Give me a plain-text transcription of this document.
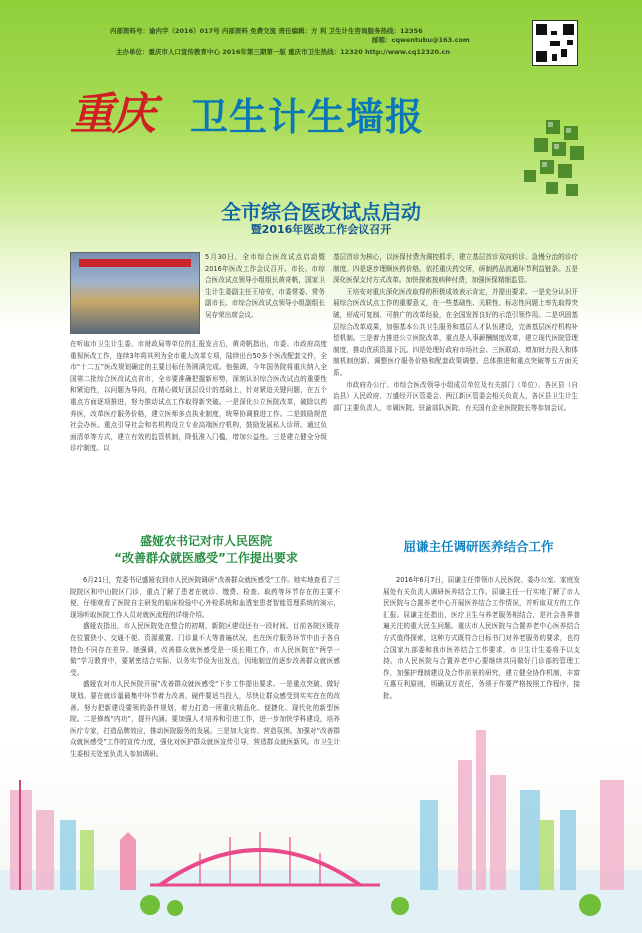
内部资料号：渝内字（2016）017号 内部资料 免费交流 责任编辑：方 利 卫生计生咨询服务热线：12356
邮箱：cqwentubu@163.com
主办单位：重庆市人口宣传教育中心 2016年第三期第一版 重庆市卫生热线：12320 http://www.cq12320.cn
重庆 卫生计生墙报
全市综合医改试点启动
暨2016年医改工作会议召开
5月30日，全市综合医改试点启动暨2016年医改工作会议召开。市长、市综合医改试点领导小组组长黄奇帆，国家卫生计生委副主任王培安，市委常委、常务副市长、市综合医改试点领导小组副组长吴存荣出席会议。
在听取市卫生计生委、市财政局等单位的汇报发言后，黄奇帆指出，市委、市政府高度重视医改工作，连续3年将其列为全市重大改革专项，陆续出台50多个医改配套文件，全市“十二五”医改规划确定的主要目标任务圆满完成。他强调，今年国务院将重庆纳入全国第二批综合医改试点省市，全市要准确把握新形势，深刻认识综合医改试点的重要性和紧迫性，以问题为导向，在精心做好顶层设计的基础上，针对紧迫关键问题，在五个重点方面逐项推进，努力推动试点工作取得新突破。一是深化公立医院改革，破除以药养医，改革医疗服务价格，建立医师多点执业制度，统筹协调推进工作。二是鼓励规范社会办医。重点引导社会和名机构设立专业高端医疗机构，鼓励发展私人诊所。通过负面清单等方式，建立有效的监管机制，降低准入门槛，增加公益性。三是建立健全分级诊疗制度。以
基层首诊为核心，以医保付费为调控抓手，建立基层首诊双向转诊、急慢分治的诊疗制度。四是逐步理顺医药价格。依托重庆药交所，研制药品流通环节利益链条。五是深化医保支付方式改革。加快探索按病种付费，加强医保精细监管。
王培安对重庆深化医改取得的积极成效表示肯定，并提出要求。一是充分认识开展综合医改试点工作的重要意义，在一些基础性、关联性、标志性问题上率先取得突破，形成可复制、可推广的改革经验，在全国发挥良好的示范引领作用。二是巩固基层综合改革成果，加强基本公共卫生服务和基层人才队伍建设，完善基层医疗机构补偿机制。三是着力推进公立医院改革，重点是人事薪酬制度改革，建立现代医院管理制度，推动优质资源下沉。四是处理好政府市场社会、三医联动、增加财力投入和体制机制创新、调整医疗服务价格和配套政策调整、总体推进和重点突破等五方面关系。
市政府办公厅、市综合医改领导小组成员单位及有关部门（单位）、各区县（自治县）人民政府、万盛经开区管委会、两江新区管委会相关负责人，各区县卫生计生部门主要负责人，市属医院、驻渝部队医院、有关国有企业医院院长等参加会议。
盛娅农书记对市人民医院
“改善群众就医感受”工作提出要求
屈谦主任调研医养结合工作
6月21日，党委书记盛娅农到市人民医院调研“改善群众就医感受”工作。她实地查看了三院院区和中山院区门诊，重点了解了患者在就诊、缴费、检查、取药等环节存在的主要不便，仔细观看了医院自主研发的临床检验中心外检系统和血透室患者智能管理系统的演示，现场听取医院工作人员对就医流程的详细介绍。
盛娅农指出，市人民医院处在整合的初期，新院区建设还有一段时间。目前各院区既存在位置狭小、交通不便、资源重置、门诊量不大等普遍状况，也在医疗服务环节中由于各自特色不同存在差异。她强调，改善群众就医感受是一项长期工作，市人民医院在“两学一做”学习教育中，要紧密结合实际，以务实节俭为出发点，因地制宜的逐步改善群众就医感受。
盛娅农对市人民医院开展“改善群众就医感受”下步工作提出要求。一是重点突破、做好规划。要在就诊量最集中环节着力改善，硬件要适当投入，尽快让群众感受到实实在在的改善。努力把新建设要领的条件规划，着力打造一所重庆精品化、便捷化、现代化的新型医院。二是修炼“内功”，提升内涵。要加强人才培养和引进工作，进一步加快学科建设，培养医疗专家，打造品牌效应，推动医院服务的发展。三是加大宣传、营造氛围。加强对“改善群众就医感受”工作的宣传力度，强化对医护群众就医宣传引导，营造群众就医新风。市卫生计生委相关处室负责人参加调研。
2016年6月7日，屈谦主任带领市人民医院、委办公室、家庭发展处有关负责人调研医养结合工作。屈谦主任一行实地了解了市人民医院与合置养老中心开展医养结合工作情况，并听取双方的工作汇报。屈谦主任指出，医疗卫生与养老服务相结合，是社会各界普遍关注的重大民生问题。重庆市人民医院与合置养老中心医养结合方式值得探索，这种方式既符合目标书门对养老服务的要求，也符合国家九部委和我市医养结合工作要求，市卫生计生委将予以支持。市人民医院与合置养老中心要继续共同做好门诊部的管理工作，加强护理制建设及合作前景的研究，建立健全协作机制，丰富互惠互利原则，明确双方责任，务须于作要严格按照工作程序，接批。
